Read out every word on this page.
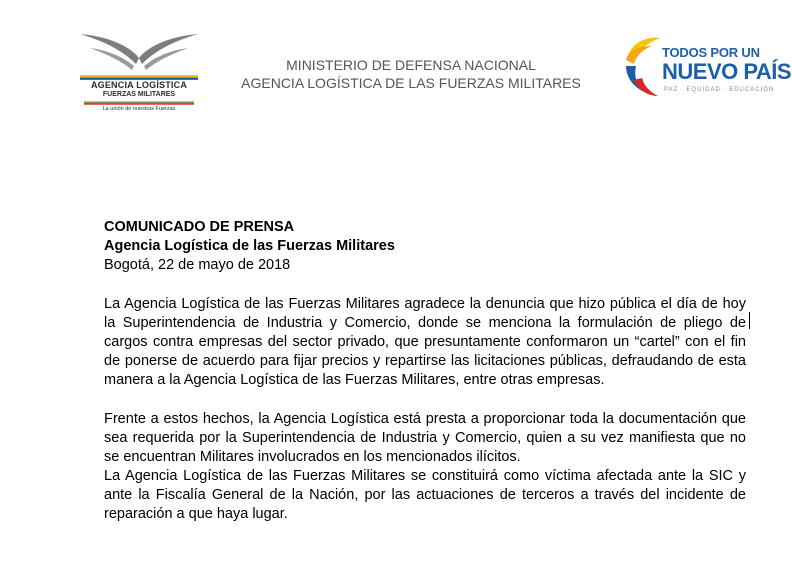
AGENCIA LOGÍSTICA
FUERZAS MILITARES
La unión de nuestras Fuerzas
MINISTERIO DE DEFENSA NACIONAL
AGENCIA LOGÍSTICA DE LAS FUERZAS MILITARES
TODOS POR UN
NUEVO PAÍS
PAZ · EQUIDAD · EDUCACIÓN
COMUNICADO DE PRENSA
Agencia Logística de las Fuerzas Militares
Bogotá, 22 de mayo de 2018

La Agencia Logística de las Fuerzas Militares agradece la denuncia que hizo pública el día de hoy la Superintendencia de Industria y Comercio, donde se menciona la formulación de pliego de cargos contra empresas del sector privado, que presuntamente conformaron un “cartel” con el fin de ponerse de acuerdo para fijar precios y repartirse las licitaciones públicas, defraudando de esta manera a la Agencia Logística de las Fuerzas Militares, entre otras empresas.

Frente a estos hechos, la Agencia Logística está presta a proporcionar toda la documentación que sea requerida por la Superintendencia de Industria y Comercio, quien a su vez manifiesta que no se encuentran Militares involucrados en los mencionados ilícitos.

La Agencia Logística de las Fuerzas Militares se constituirá como víctima afectada ante la SIC y ante la Fiscalía General de la Nación, por las actuaciones de terceros a través del incidente de reparación a que haya lugar.
